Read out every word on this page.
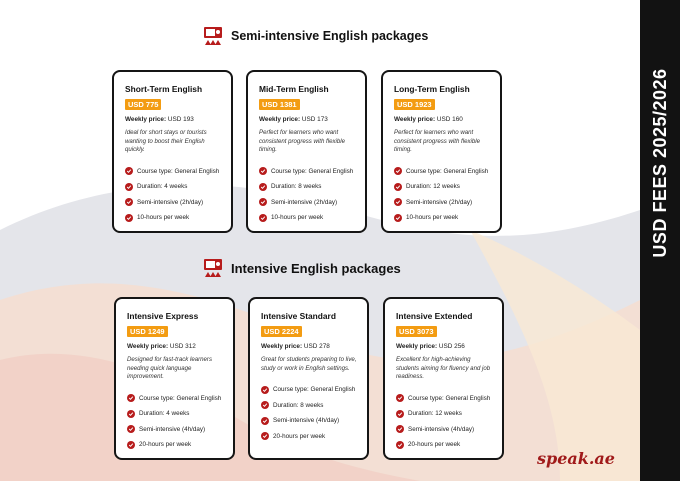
USD FEES 2025/2026
Semi-intensive English packages
Short-Term English
USD 775
Weekly price: USD 193
Ideal for short stays or tourists wanting to boost their English quickly.
Course type: General English
Duration: 4 weeks
Semi-intensive (2h/day)
10-hours per week
Mid-Term English
USD 1381
Weekly price: USD 173
Perfect for learners who want consistent progress with flexible timing.
Course type: General English
Duration: 8 weeks
Semi-intensive (2h/day)
10-hours per week
Long-Term English
USD 1923
Weekly price: USD 160
Perfect for learners who want consistent progress with flexible timing.
Course type: General English
Duration: 12 weeks
Semi-intensive (2h/day)
10-hours per week
Intensive English packages
Intensive Express
USD 1249
Weekly price: USD 312
Designed for fast-track learners needing quick language improvement.
Course type: General English
Duration: 4 weeks
Semi-intensive (4h/day)
20-hours per week
Intensive Standard
USD 2224
Weekly price: USD 278
Great for students preparing to live, study or work in English settings.
Course type: General English
Duration: 8 weeks
Semi-intensive (4h/day)
20-hours per week
Intensive Extended
USD 3073
Weekly price: USD 256
Excellent for high-achieving students aiming for fluency and job readiness.
Course type: General English
Duration: 12 weeks
Semi-intensive (4h/day)
20-hours per week
speak.ae
